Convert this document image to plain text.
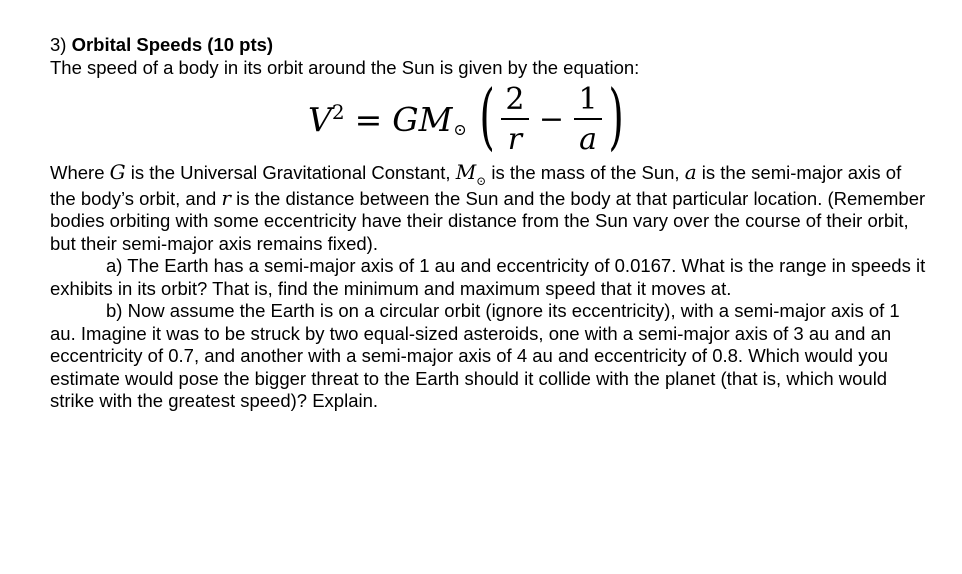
3) Orbital Speeds (10 pts)

The speed of a body in its orbit around the Sun is given by the equation:

$V^2$ = GM ⊙ ( $\frac{2}{r} - \frac{1}{a}$ )

Where G is the Universal Gravitational Constant, $M_⊙$ is the mass of the Sun, a is the semi-major axis of the body’s orbit, and r is the distance between the Sun and the body at that particular location. (Remember bodies orbiting with some eccentricity have their distance from the Sun vary over the course of their orbit, but their semi-major axis remains fixed).

a) The Earth has a semi-major axis of 1 au and eccentricity of 0.0167. What is the range in speeds it exhibits in its orbit? That is, find the minimum and maximum speed that it moves at.

b) Now assume the Earth is on a circular orbit (ignore its eccentricity), with a semi-major axis of 1 au. Imagine it was to be struck by two equal-sized asteroids, one with a semi-major axis of 3 au and an eccentricity of 0.7, and another with a semi-major axis of 4 au and eccentricity of 0.8. Which would you estimate would pose the bigger threat to the Earth should it collide with the planet (that is, which would strike with the greatest speed)? Explain.
